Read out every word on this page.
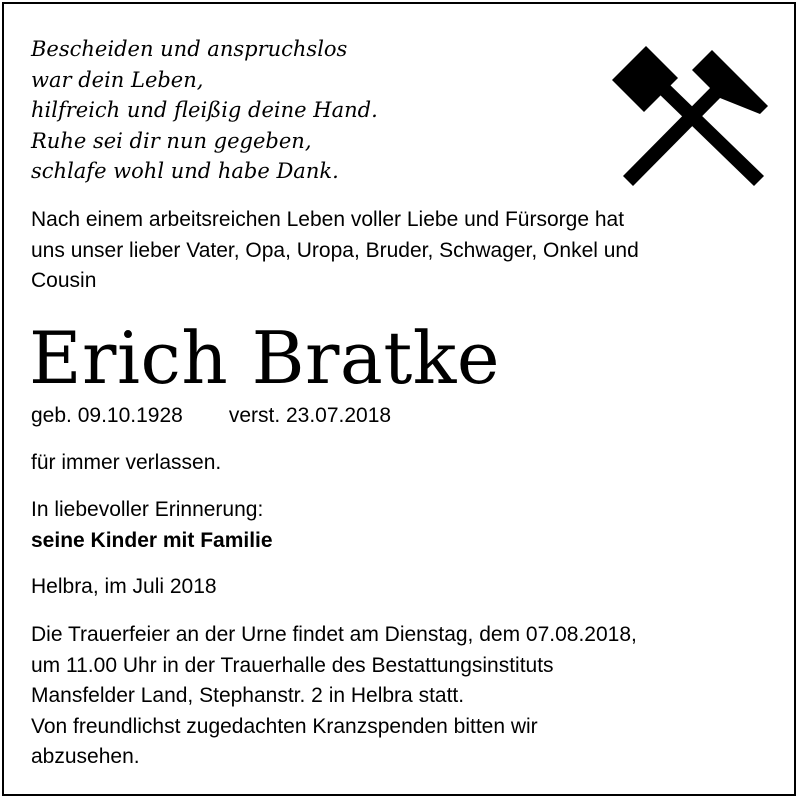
Bescheiden und anspruchslos
war dein Leben,
hilfreich und fleißig deine Hand.
Ruhe sei dir nun gegeben,
schlafe wohl und habe Dank.
Nach einem arbeitsreichen Leben voller Liebe und Fürsorge hat
uns unser lieber Vater, Opa, Uropa, Bruder, Schwager, Onkel und
Cousin
Erich Bratke
geb. 09.10.1928 verst. 23.07.2018
für immer verlassen.
In liebevoller Erinnerung:
seine Kinder mit Familie
Helbra, im Juli 2018
Die Trauerfeier an der Urne findet am Dienstag, dem 07.08.2018,
um 11.00 Uhr in der Trauerhalle des Bestattungsinstituts
Mansfelder Land, Stephanstr. 2 in Helbra statt.
Von freundlichst zugedachten Kranzspenden bitten wir
abzusehen.
